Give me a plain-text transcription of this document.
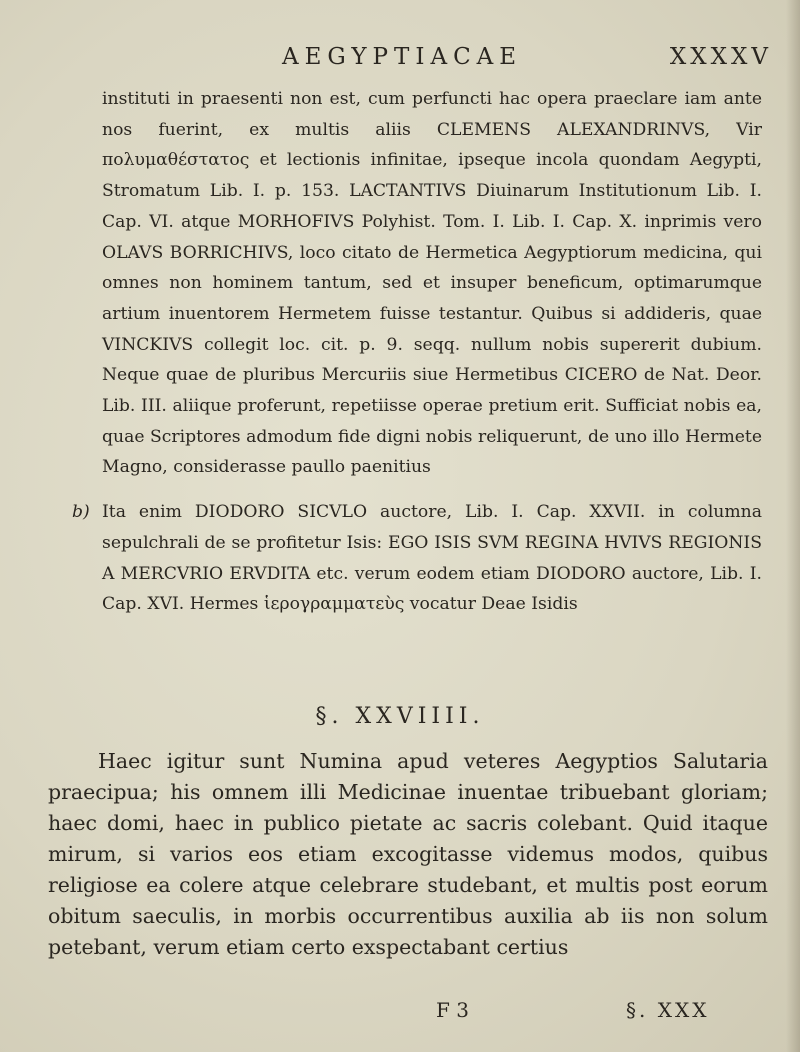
AEGYPTIACAE	XXXXV

instituti in praesenti non est, cum perfuncti hac opera praeclare iam ante nos fuerint, ex multis aliis CLEMENS ALEXANDRINVS, Vir πολυμαθέστατος et lectionis infinitae, ipseque incola quondam Aegypti, Stromatum Lib. I. p. 153. LACTANTIVS Diuinarum Institutionum Lib. I. Cap. VI. atque MORHOFIVS Polyhist. Tom. I. Lib. I. Cap. X. inprimis vero OLAVS BORRICHIVS, loco citato de Hermetica Aegyptiorum medicina, qui omnes non hominem tantum, sed et insuper beneficum, optimarumque artium inuentorem Hermetem fuisse testantur. Quibus si addideris, quae VINCKIVS collegit loc. cit. p. 9. seqq. nullum nobis supererit dubium. Neque quae de pluribus Mercuriis siue Hermetibus CICERO de Nat. Deor. Lib. III. aliique proferunt, repetiisse operae pretium erit. Sufficiat nobis ea, quae Scriptores admodum fide digni nobis reliquerunt, de uno illo Hermete Magno, considerasse paullo paenitius

b) Ita enim DIODORO SICVLO auctore, Lib. I. Cap. XXVII. in columna sepulchrali de se profitetur Isis: EGO ISIS SVM REGINA HVIVS REGIONIS A MERCVRIO ERVDITA etc. verum eodem etiam DIODORO auctore, Lib. I. Cap. XVI. Hermes ἱερογραμματεὺς vocatur Deae Isidis

§. XXVIIII.

Haec igitur sunt Numina apud veteres Aegyptios Salutaria praecipua; his omnem illi Medicinae inuentae tribuebant gloriam; haec domi, haec in publico pietate ac sacris colebant. Quid itaque mirum, si varios eos etiam excogitasse videmus modos, quibus religiose ea colere atque celebrare studebant, et multis post eorum obitum saeculis, in morbis occurrentibus auxilia ab iis non solum petebant, verum etiam certo exspectabant certius

F 3	§. XXX
